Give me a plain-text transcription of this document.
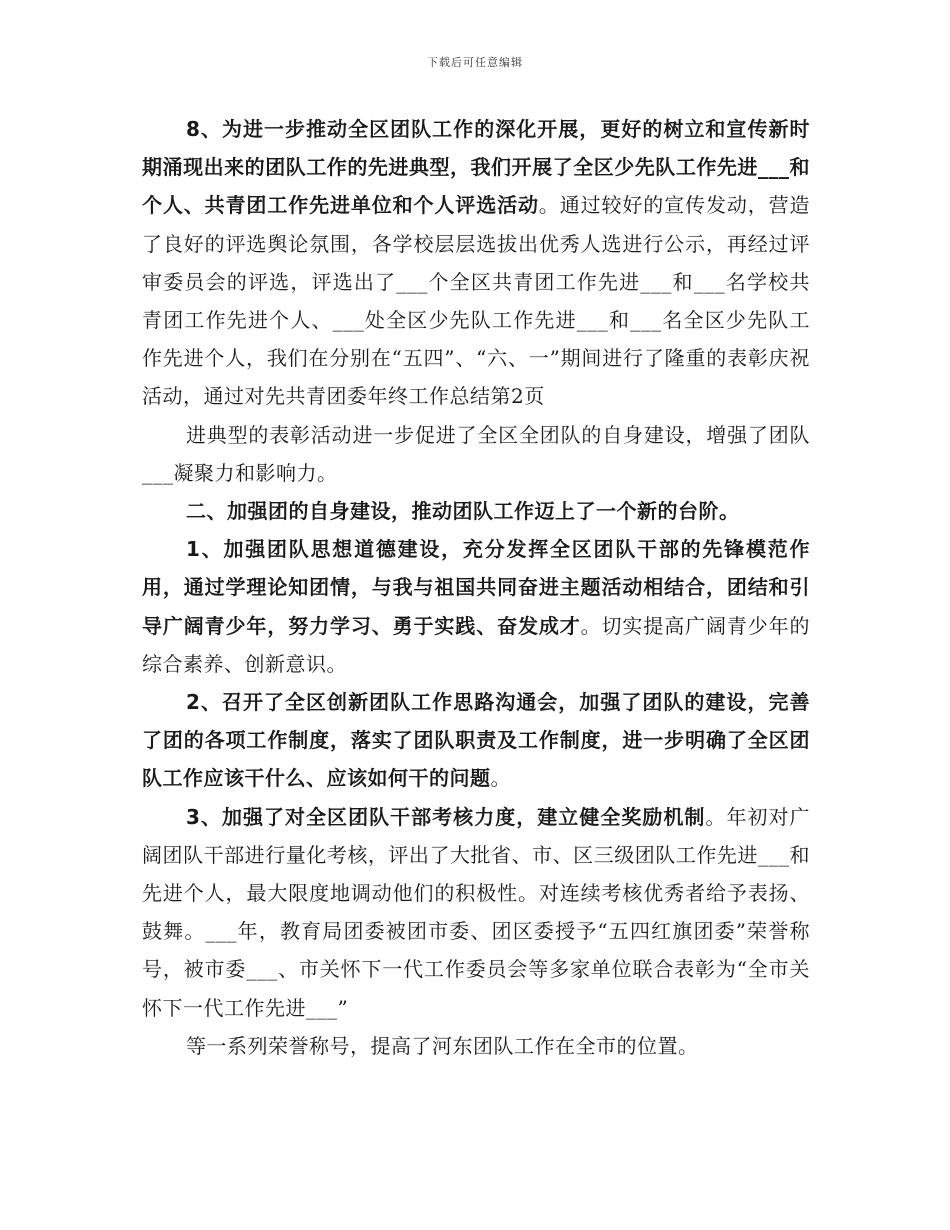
下载后可任意编辑

8、为进一步推动全区团队工作的深化开展，更好的树立和宣传新时期涌现出来的团队工作的先进典型，我们开展了全区少先队工作先进___和个人、共青团工作先进单位和个人评选活动。通过较好的宣传发动，营造了良好的评选舆论氛围，各学校层层选拔出优秀人选进行公示，再经过评审委员会的评选，评选出了___个全区共青团工作先进___和___名学校共青团工作先进个人、___处全区少先队工作先进___和___名全区少先队工作先进个人，我们在分别在“五四”、“六、一”期间进行了隆重的表彰庆祝活动，通过对先共青团委年终工作总结第2页

进典型的表彰活动进一步促进了全区全团队的自身建设，增强了团队___凝聚力和影响力。

二、加强团的自身建设，推动团队工作迈上了一个新的台阶。

1、加强团队思想道德建设，充分发挥全区团队干部的先锋模范作用，通过学理论知团情，与我与祖国共同奋进主题活动相结合，团结和引导广阔青少年，努力学习、勇于实践、奋发成才。切实提高广阔青少年的综合素养、创新意识。

2、召开了全区创新团队工作思路沟通会，加强了团队的建设，完善了团的各项工作制度，落实了团队职责及工作制度，进一步明确了全区团队工作应该干什么、应该如何干的问题。

3、加强了对全区团队干部考核力度，建立健全奖励机制。年初对广阔团队干部进行量化考核，评出了大批省、市、区三级团队工作先进___和先进个人，最大限度地调动他们的积极性。对连续考核优秀者给予表扬、鼓舞。___年，教育局团委被团市委、团区委授予“五四红旗团委”荣誉称号，被市委___、市关怀下一代工作委员会等多家单位联合表彰为“全市关怀下一代工作先进___”

等一系列荣誉称号，提高了河东团队工作在全市的位置。
